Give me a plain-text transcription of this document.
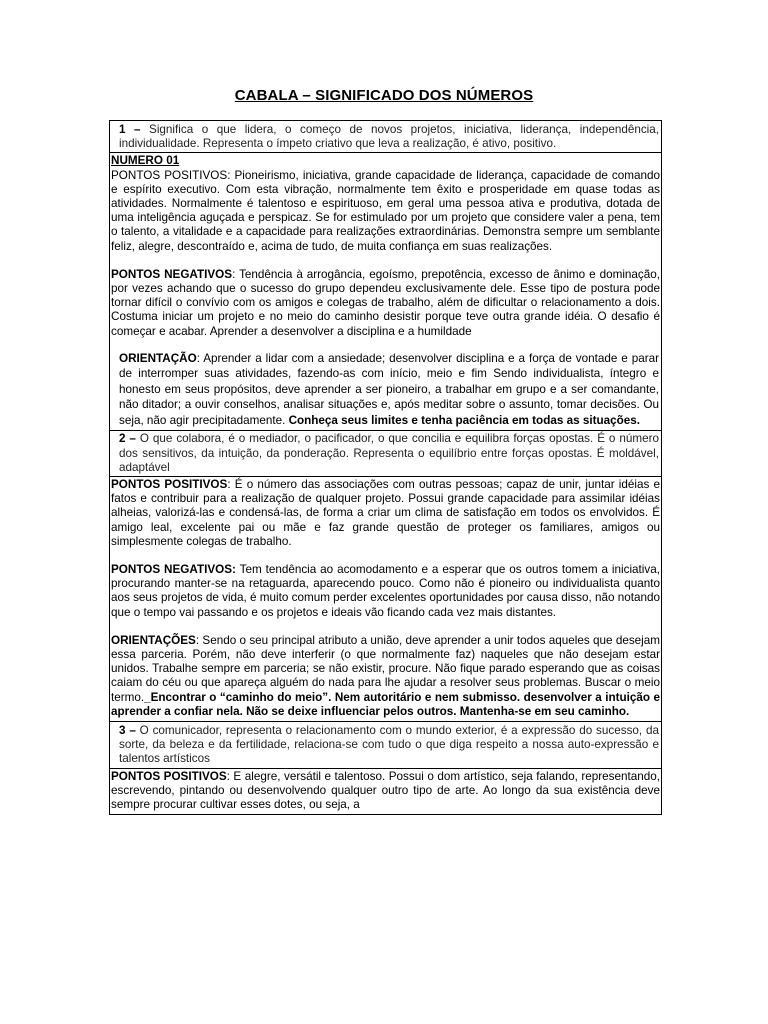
CABALA – SIGNIFICADO DOS NÚMEROS

1 – Significa o que lidera, o começo de novos projetos, iniciativa, liderança, independência, individualidade. Representa o ímpeto criativo que leva a realização, é ativo, positivo.

NUMERO 01

PONTOS POSITIVOS: Pioneirismo, iniciativa, grande capacidade de liderança, capacidade de comando e espírito executivo. Com esta vibração, normalmente tem êxito e prosperidade em quase todas as atividades. Normalmente é talentoso e espirituoso, em geral uma pessoa ativa e produtiva, dotada de uma inteligência aguçada e perspicaz. Se for estimulado por um projeto que considere valer a pena, tem o talento, a vitalidade e a capacidade para realizações extraordinárias. Demonstra sempre um semblante feliz, alegre, descontraído e, acima de tudo, de muita confiança em suas realizações.

PONTOS NEGATIVOS: Tendência à arrogância, egoísmo, prepotência, excesso de ânimo e dominação, por vezes achando que o sucesso do grupo dependeu exclusivamente dele. Esse tipo de postura pode tornar difícil o convívio com os amigos e colegas de trabalho, além de dificultar o relacionamento a dois. Costuma iniciar um projeto e no meio do caminho desistir porque teve outra grande idéia. O desafio é começar e acabar. Aprender a desenvolver a disciplina e a humildade

ORIENTAÇÃO: Aprender a lidar com a ansiedade; desenvolver disciplina e a força de vontade e parar de interromper suas atividades, fazendo-as com início, meio e fim Sendo individualista, íntegro e honesto em seus propósitos, deve aprender a ser pioneiro, a trabalhar em grupo e a ser comandante, não ditador; a ouvir conselhos, analisar situações e, após meditar sobre o assunto, tomar decisões. Ou seja, não agir precipitadamente. Conheça seus limites e tenha paciência em todas as situações.

2 – O que colabora, é o mediador, o pacificador, o que concilia e equilibra forças opostas. É o número dos sensitivos, da intuição, da ponderação. Representa o equilíbrio entre forças opostas. É moldável, adaptável

PONTOS POSITIVOS: É o número das associações com outras pessoas; capaz de unir, juntar idéias e fatos e contribuir para a realização de qualquer projeto. Possui grande capacidade para assimilar idéias alheias, valorizá-las e condensá-las, de forma a criar um clima de satisfação em todos os envolvidos. É amigo leal, excelente pai ou mãe e faz grande questão de proteger os familiares, amigos ou simplesmente colegas de trabalho.

PONTOS NEGATIVOS: Tem tendência ao acomodamento e a esperar que os outros tomem a iniciativa, procurando manter-se na retaguarda, aparecendo pouco. Como não é pioneiro ou individualista quanto aos seus projetos de vida, é muito comum perder excelentes oportunidades por causa disso, não notando que o tempo vai passando e os projetos e ideais vão ficando cada vez mais distantes.

ORIENTAÇÕES: Sendo o seu principal atributo a união, deve aprender a unir todos aqueles que desejam essa parceria. Porém, não deve interferir (o que normalmente faz) naqueles que não desejam estar unidos. Trabalhe sempre em parceria; se não existir, procure. Não fique parado esperando que as coisas caiam do céu ou que apareça alguém do nada para lhe ajudar a resolver seus problemas. Buscar o meio termo._Encontrar o “caminho do meio”. Nem autoritário e nem submisso. desenvolver a intuição e aprender a confiar nela. Não se deixe influenciar pelos outros. Mantenha-se em seu caminho.

3 – O comunicador, representa o relacionamento com o mundo exterior, é a expressão do sucesso, da sorte, da beleza e da fertilidade, relaciona-se com tudo o que diga respeito a nossa auto-expressão e talentos artísticos

PONTOS POSITIVOS: E alegre, versátil e talentoso. Possui o dom artístico, seja falando, representando, escrevendo, pintando ou desenvolvendo qualquer outro tipo de arte. Ao longo da sua existência deve sempre procurar cultivar esses dotes, ou seja, a
